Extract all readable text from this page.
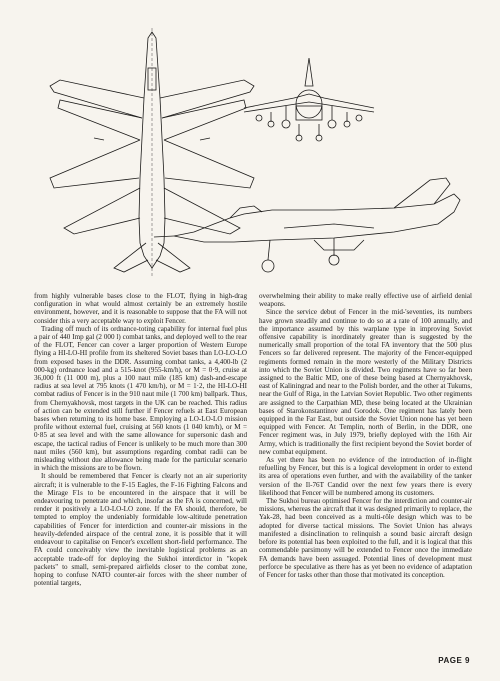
from highly vulnerable bases close to the FLOT, flying in high-drag configuration in what would almost certainly be an extremely hostile environment, however, and it is reasonable to suppose that the FA will not consider this a very acceptable way to exploit Fencer.

Trading off much of its ordnance-toting capability for internal fuel plus a pair of 440 Imp gal (2 000 l) combat tanks, and deployed well to the rear of the FLOT, Fencer can cover a larger proportion of Western Europe flying a HI-LO-HI profile from its sheltered Soviet bases than LO-LO-LO from exposed bases in the DDR. Assuming combat tanks, a 4,400-lb (2 000-kg) ordnance load and a 515-knot (955-km/h), or M = 0·9, cruise at 36,000 ft (11 000 m), plus a 100 naut mile (185 km) dash-and-escape radius at sea level at 795 knots (1 470 km/h), or M = 1·2, the HI-LO-HI combat radius of Fencer is in the 910 naut mile (1 700 km) ballpark. Thus, from Chernyakhovsk, most targets in the UK can be reached. This radius of action can be extended still further if Fencer refuels at East European bases when returning to its home base. Employing a LO-LO-LO mission profile without external fuel, cruising at 560 knots (1 040 km/h), or M = 0·85 at sea level and with the same allowance for supersonic dash and escape, the tactical radius of Fencer is unlikely to be much more than 300 naut miles (560 km), but assumptions regarding combat radii can be misleading without due allowance being made for the particular scenario in which the missions are to be flown.

It should be remembered that Fencer is clearly not an air superiority aircraft; it is vulnerable to the F-15 Eagles, the F-16 Fighting Falcons and the Mirage F1s to be encountered in the airspace that it will be endeavouring to penetrate and which, insofar as the FA is concerned, will render it positively a LO-LO-LO zone. If the FA should, therefore, be tempted to employ the undeniably formidable low-altitude penetration capabilities of Fencer for interdiction and counter-air missions in the heavily-defended airspace of the central zone, it is possible that it will endeavour to capitalise on Fencer's excellent short-field performance. The FA could conceivably view the inevitable logistical problems as an acceptable trade-off for deploying the Sukhoi interdictor in "kopek packets" to small, semi-prepared airfields closer to the combat zone, hoping to confuse NATO counter-air forces with the sheer number of potential targets,

overwhelming their ability to make really effective use of airfield denial weapons.

Since the service debut of Fencer in the mid-'seventies, its numbers have grown steadily and continue to do so at a rate of 100 annually, and the importance assumed by this warplane type in improving Soviet offensive capability is inordinately greater than is suggested by the numerically small proportion of the total FA inventory that the 500 plus Fencers so far delivered represent. The majority of the Fencer-equipped regiments formed remain in the more westerly of the Military Districts into which the Soviet Union is divided. Two regiments have so far been assigned to the Baltic MD, one of these being based at Chernyakhovsk, east of Kaliningrad and near to the Polish border, and the other at Tukums, near the Gulf of Riga, in the Latvian Soviet Republic. Two other regiments are assigned to the Carpathian MD, these being located at the Ukrainian bases of Starokonstantinov and Gorodok. One regiment has lately been equipped in the Far East, but outside the Soviet Union none has yet been equipped with Fencer. At Templin, north of Berlin, in the DDR, one Fencer regiment was, in July 1979, briefly deployed with the 16th Air Army, which is traditionally the first recipient beyond the Soviet border of new combat equipment.

As yet there has been no evidence of the introduction of in-flight refuelling by Fencer, but this is a logical development in order to extend its area of operations even further, and with the availability of the tanker version of the Il-76T Candid over the next few years there is every likelihood that Fencer will be numbered among its customers.

The Sukhoi bureau optimised Fencer for the interdiction and counter-air missions, whereas the aircraft that it was designed primarily to replace, the Yak-28, had been conceived as a multi-rôle design which was to be adopted for diverse tactical missions. The Soviet Union has always manifested a disinclination to relinquish a sound basic aircraft design before its potential has been exploited to the full, and it is logical that this commendable parsimony will be extended to Fencer once the immediate FA demands have been assuaged. Potential lines of development must perforce be speculative as there has as yet been no evidence of adaptation of Fencer for tasks other than those that motivated its conception.

PAGE 9
